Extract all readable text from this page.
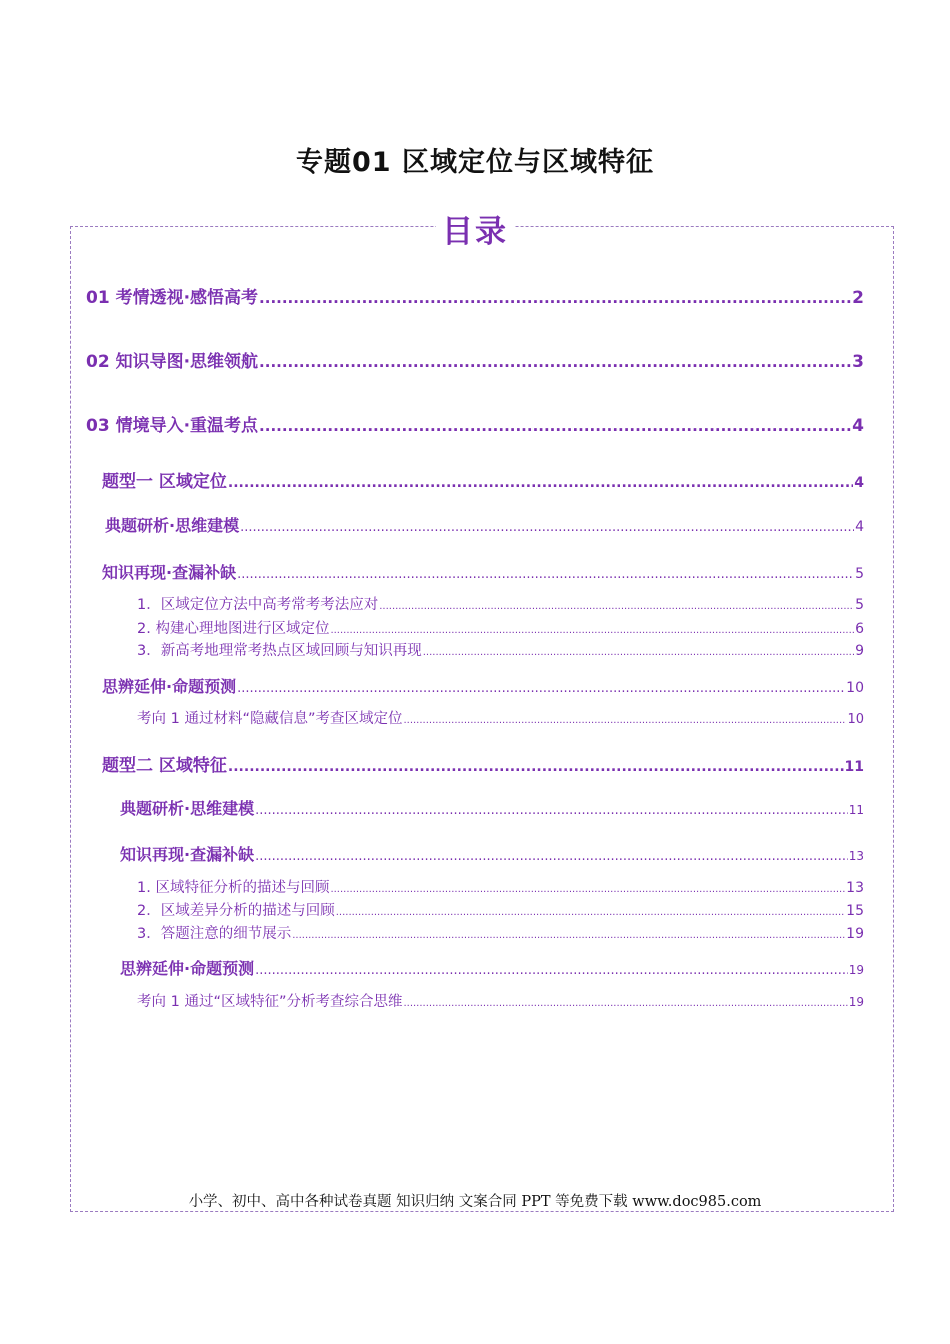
专题01 区域定位与区域特征
目录
01 考情透视·感悟高考 .....	2
02 知识导图·思维领航 .....	3
03 情境导入·重温考点 .....	4
题型一 区域定位 .....	4
典题研析·思维建模 .....	4
知识再现·查漏补缺 .....	5
1．区域定位方法中高考常考考法应对 .....	5
2. 构建心理地图进行区域定位 .....	6
3．新高考地理常考热点区域回顾与知识再现 .....	9
思辨延伸·命题预测 .....	10
考向 1 通过材料“隐藏信息”考查区域定位 .....	10
题型二 区域特征 .....	11
典题研析·思维建模 .....	11
知识再现·查漏补缺 .....	13
1. 区域特征分析的描述与回顾 .....	13
2．区域差异分析的描述与回顾 .....	15
3．答题注意的细节展示 .....	19
思辨延伸·命题预测 .....	19
考向 1 通过“区域特征”分析考查综合思维 .....	19
小学、初中、高中各种试卷真题 知识归纳 文案合同 PPT 等免费下载 www.doc985.com
